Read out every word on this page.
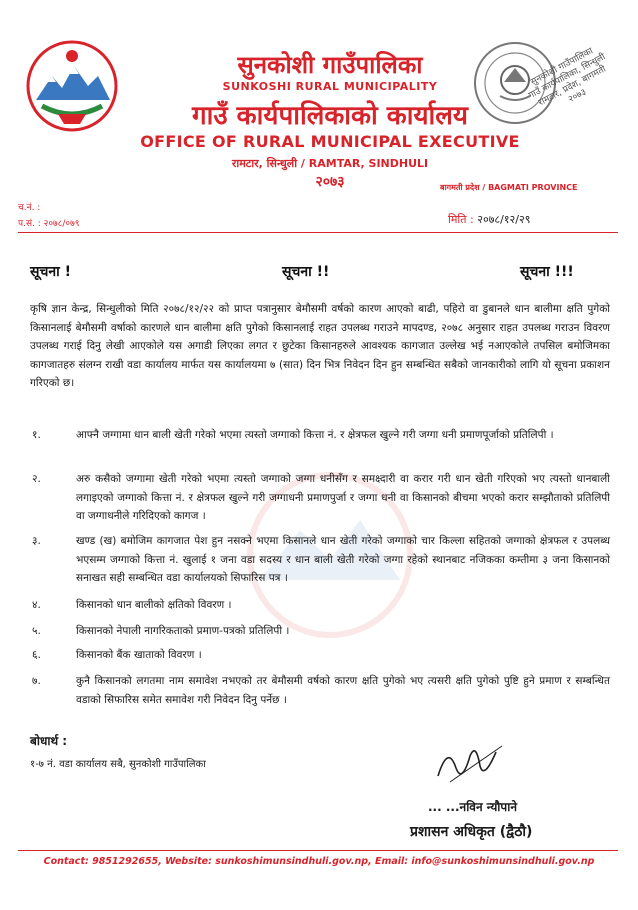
सुनकोशी गाउँपालिका
गाउँ कार्यपालिका, सिन्धुली
रामटार, प्रदेश, बागमती
२०७३
सुनकोशी गाउँपालिका
SUNKOSHI RURAL MUNICIPALITY
गाउँ कार्यपालिकाको कार्यालय
OFFICE OF RURAL MUNICIPAL EXECUTIVE
रामटार, सिन्धुली / RAMTAR, SINDHULI
२०७३	बागमती प्रदेश / BAGMATI PROVINCE
च.नं. :
प.सं. : २०७८/०७९	मिति : २०७८/१२/२९
सूचना !	सूचना !!	सूचना !!!
कृषि ज्ञान केन्द्र, सिन्धुलीको मिति २०७८/१२/२२ को प्राप्त पत्रानुसार बेमौसमी वर्षको कारण आएको बाढी, पहिरो वा डुबानले धान बालीमा क्षति पुगेको किसानलाई बेमौसमी वर्षाको कारणले धान बालीमा क्षति पुगेको किसानलाई राहत उपलब्ध गराउने मापदण्ड, २०७८ अनुसार राहत उपलब्ध गराउन विवरण उपलब्ध गराई दिनु लेखी आएकोले यस अगाडी लिएका लगत र छुटेका किसानहरुले आवश्यक कागजात उल्लेख भई नआएकोले तपसिल बमोजिमका कागजातहरु संलग्न राखी वडा कार्यालय मार्फत यस कार्यालयमा ७ (सात) दिन भित्र निवेदन दिन हुन सम्बन्धित सबैको जानकारीको लागि यो सूचना प्रकाशन गरिएको छ।
१.	आफ्नै जग्गामा धान बाली खेती गरेको भएमा त्यस्तो जग्गाको कित्ता नं. र क्षेत्रफल खुल्ने गरी जग्गा धनी प्रमाणपूर्जाको प्रतिलिपी ।
२.	अरु कसैको जग्गामा खेती गरेको भएमा त्यस्तो जग्गाको जग्गा धनीसँग र समक्ष्दारी वा करार गरी धान खेती गरिएको भए त्यस्तो धानबाली लगाइएको जग्गाको कित्ता नं. र क्षेत्रफल खुल्ने गरी जग्गाधनी प्रमाणपुर्जा र जग्गा धनी वा किसानको बीचमा भएको करार सम्झौताको प्रतिलिपी वा जग्गाधनीले गरिदिएको कागज ।
३.	खण्ड (ख) बमोजिम कागजात पेश हुन नसक्ने भएमा किसानले धान खेती गरेको जग्गाको चार किल्ला सहितको जग्गाको क्षेत्रफल र उपलब्ध भएसम्म जग्गाको कित्ता नं. खुलाई १ जना वडा सदस्य र धान बाली खेती गरेको जग्गा रहेको स्थानबाट नजिकका कम्तीमा ३ जना किसानको सनाखत सही सम्बन्धित वडा कार्यालयको सिफारिस पत्र ।
४.	किसानको धान बालीको क्षतिको विवरण ।
५.	किसानको नेपाली नागरिकताको प्रमाण-पत्रको प्रतिलिपी ।
६.	किसानको बैंक खाताको विवरण ।
७.	कुनै किसानको लगतमा नाम समावेश नभएको तर बेमौसमी वर्षको कारण क्षति पुगेको भए त्यसरी क्षति पुगेको पुष्टि हुने प्रमाण र सम्बन्धित वडाको सिफारिस समेत समावेश गरी निवेदन दिनु पर्नेछ ।
बोधार्थ :
१-७ नं. वडा कार्यालय सबै, सुनकोशी गाउँपालिका
... ...नविन न्यौपाने
प्रशासन अधिकृत (द्वैठौ)
Contact: 9851292655, Website: sunkoshimunsindhuli.gov.np, Email: info@sunkoshimunsindhuli.gov.np
